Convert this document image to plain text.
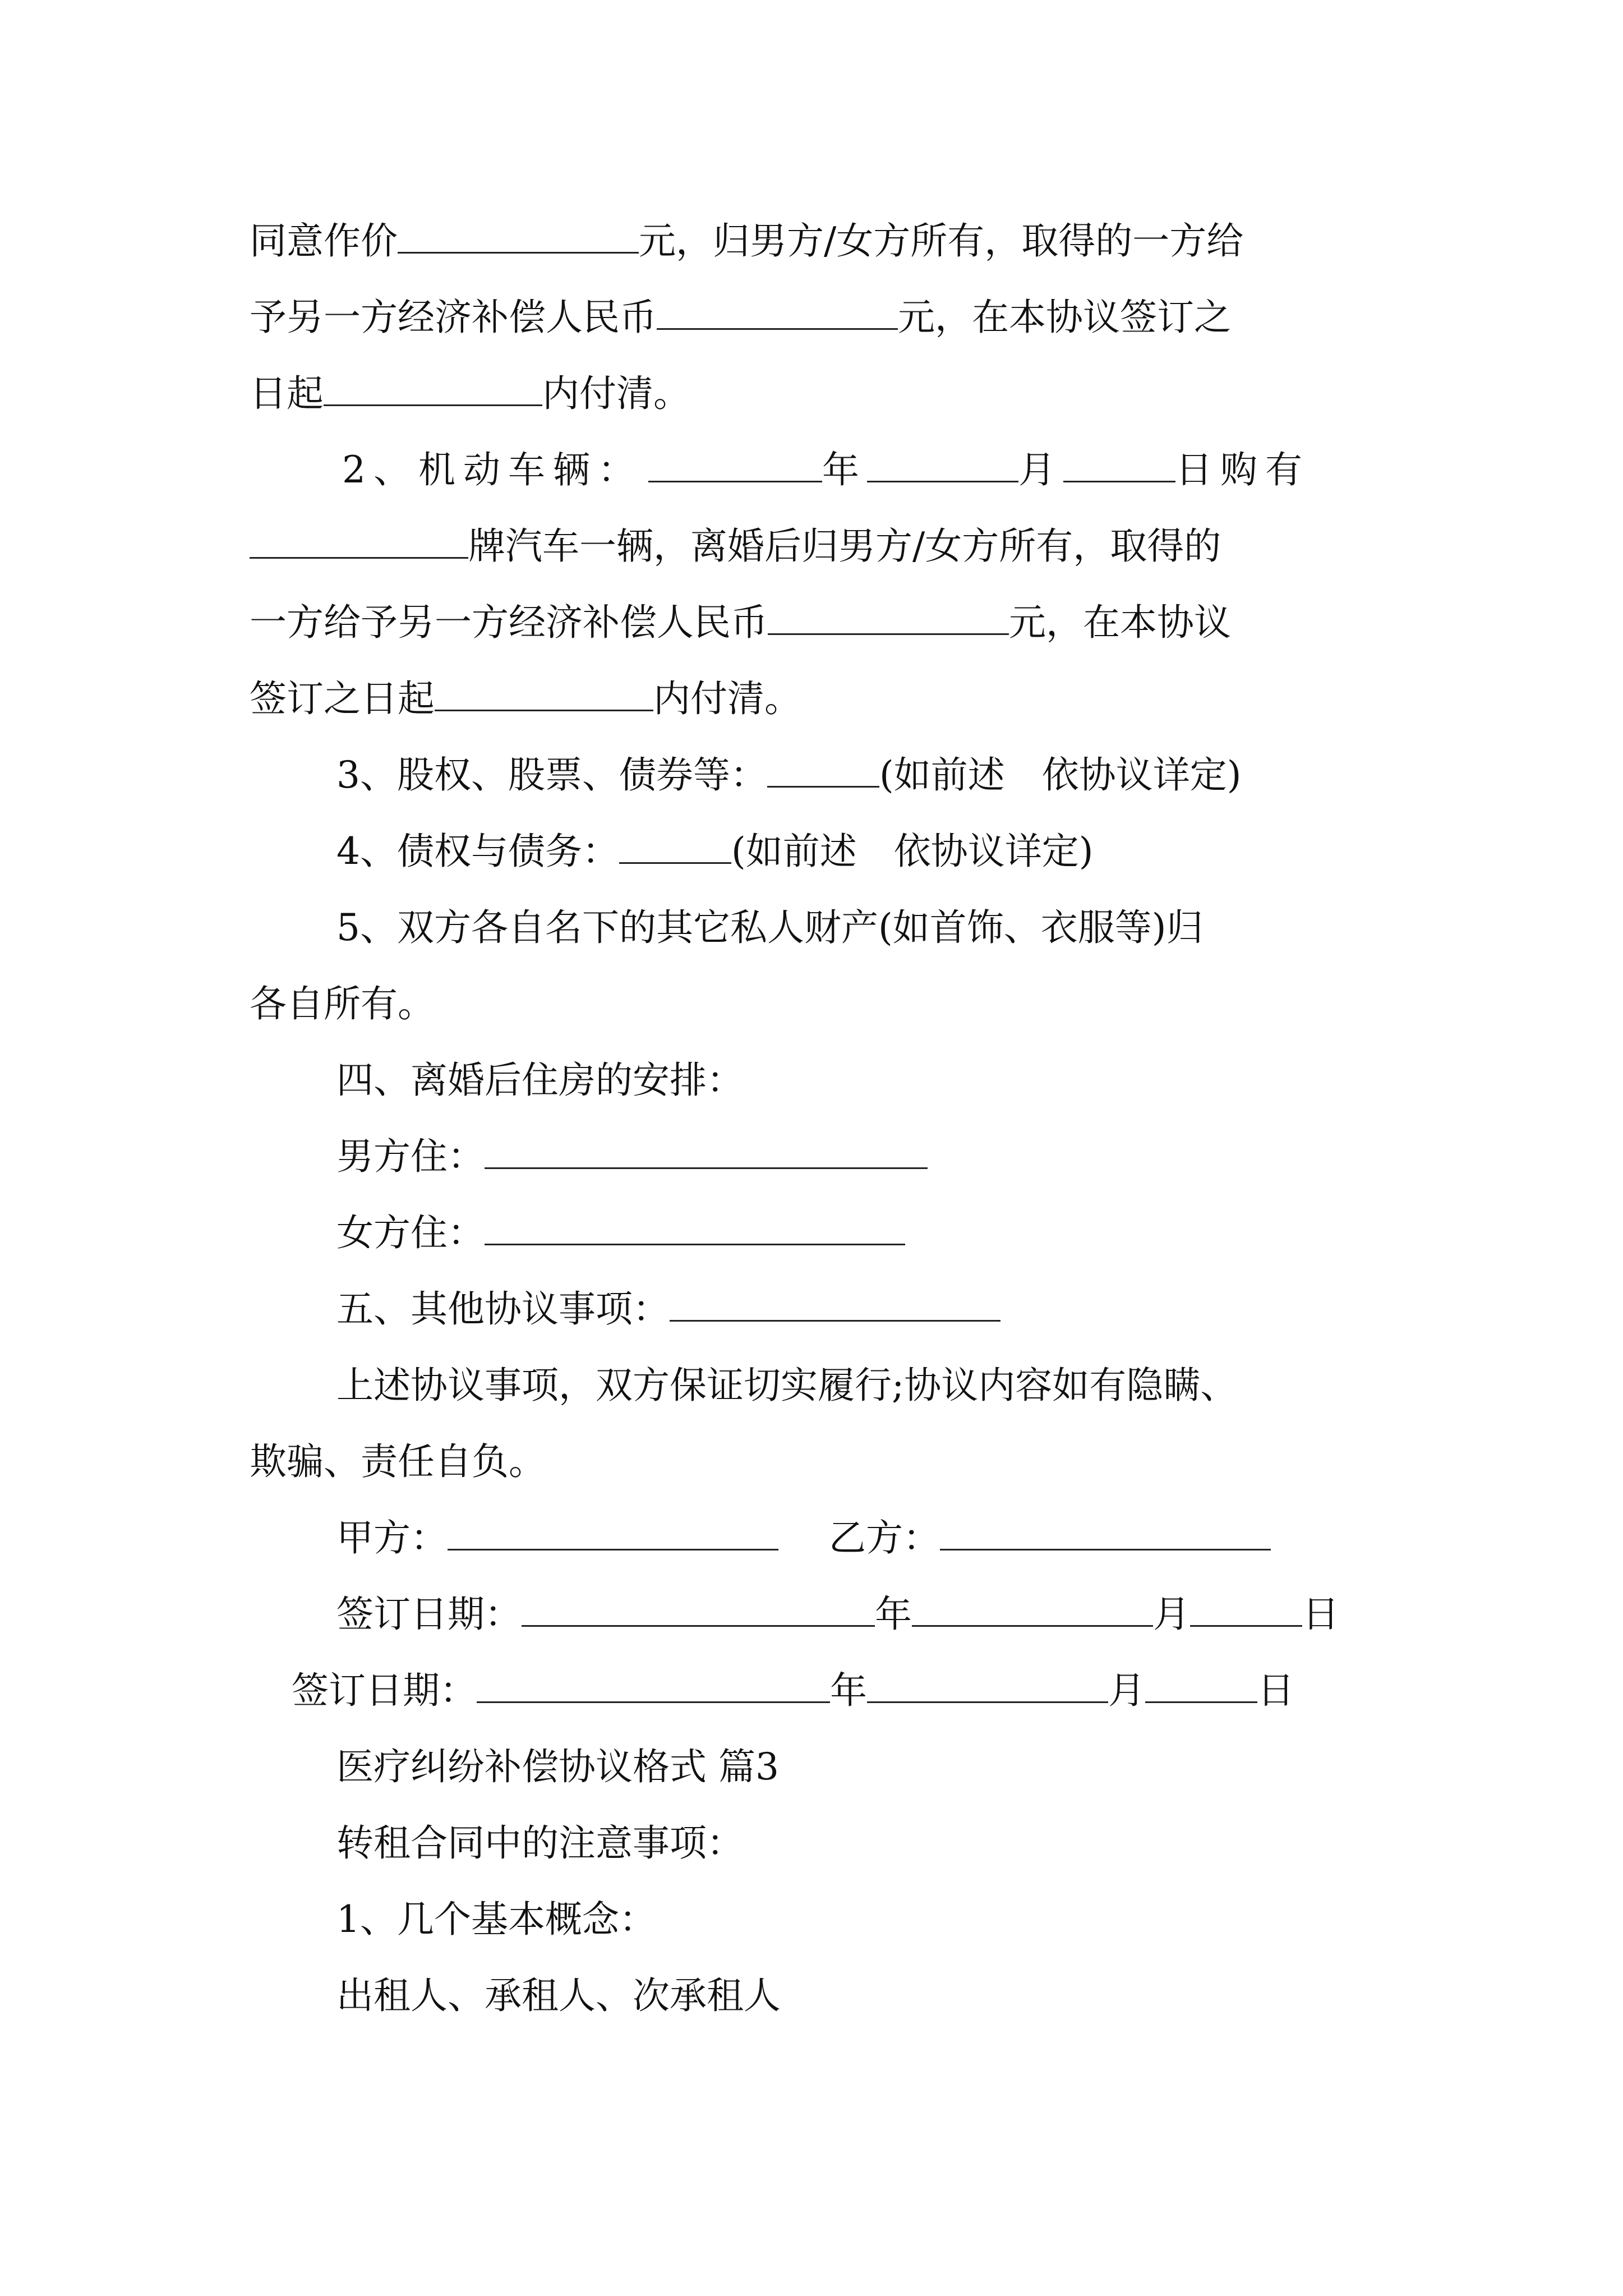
同意作价	元，归男方/女方所有，取得的一方给
予另一方经济补偿人民币	元，在本协议签订之
日起	内付清。
2、机动车辆：	年	月	日购有
牌汽车一辆，离婚后归男方/女方所有，取得的
一方给予另一方经济补偿人民币	元，在本协议
签订之日起	内付清。
3、股权、股票、债券等：	(如前述　依协议详定)
4、债权与债务：	(如前述　依协议详定)
5、双方各自名下的其它私人财产(如首饰、衣服等)归
各自所有。
四、离婚后住房的安排：
男方住：
女方住：
五、其他协议事项：
上述协议事项，双方保证切实履行;协议内容如有隐瞒、
欺骗、责任自负。
甲方：	乙方：
签订日期：	年	月	日
签订日期：	年	月	日
医疗纠纷补偿协议格式 篇3
转租合同中的注意事项：
1、几个基本概念：
出租人、承租人、次承租人
